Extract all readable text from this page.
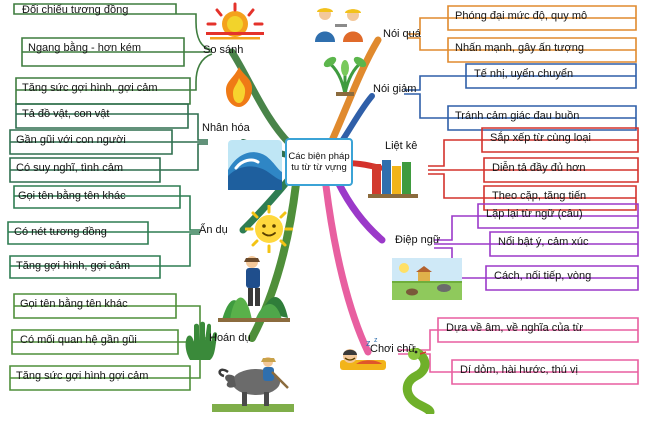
Các biện pháp tu từ từ vựng
So sánh
Nhân hóa
Ẩn dụ
Hoán dụ
Nói quá
Nói giảm
Liệt kê
Điệp ngữ
Chơi chữ
Đối chiếu tương đồng
Ngang bằng - hơn kém
Tăng sức gợi hình, gợi cảm
Tả đồ vật, con vật
Gần gũi với con người
Có suy nghĩ, tình cảm
Gọi tên bằng tên khác
Có nét tương đồng
Tăng gợi hình, gợi cảm
Gọi tên bằng tên khác
Có mối quan hệ gần gũi
Tăng sức gợi hình gợi cảm
Phóng đại mức độ, quy mô
Nhấn mạnh, gây ấn tượng
Tế nhị, uyển chuyển
Tránh cảm giác đau buồn
Sắp xếp từ cùng loại
Diễn tả đầy đủ hơn
Theo cặp, tăng tiến
Lặp lại từ ngữ (câu)
Nổi bật ý, cảm xúc
Cách, nối tiếp, vòng
Dựa về âm, về nghĩa của từ
Dí dỏm, hài hước, thú vị
z z
